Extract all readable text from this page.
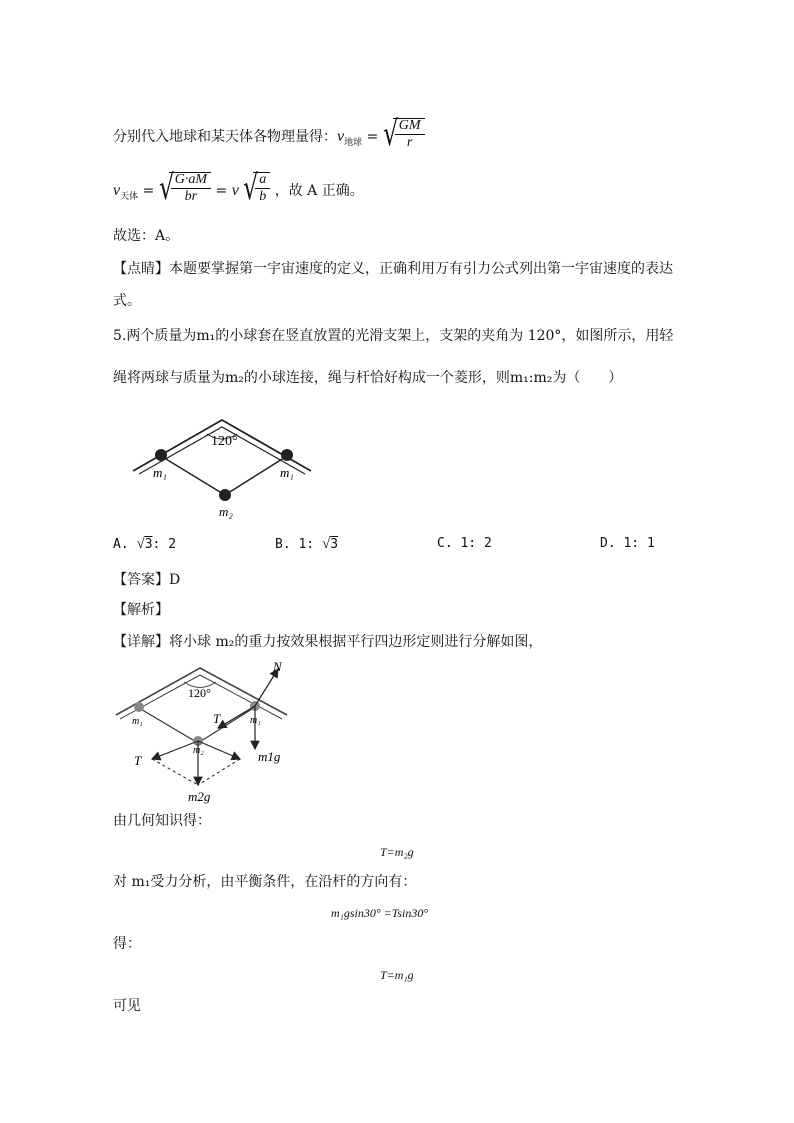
分别代入地球和某天体各物理量得：$v_{地球}$ = √
$\frac{GM}{r}$
$v_{天体}$ = √
$\frac{G\cdot aM}{br} = v$ √
$\frac{a}{b}$ ，故 A 正确。
故选：A。
【点睛】本题要掌握第一宇宙速度的定义，正确利用万有引力公式列出第一宇宙速度的表达
式。
5.两个质量为m₁的小球套在竖直放置的光滑支架上，支架的夹角为 120°，如图所示，用轻
绳将两球与质量为m₂的小球连接，绳与杆恰好构成一个菱形，则m₁:m₂为（　　）
120°
m₁	m₁
m₂
A. √3: 2	B. 1: √3	C. 1: 2	D. 1: 1
【答案】D
【解析】
【详解】将小球 m₂的重力按效果根据平行四边形定则进行分解如图，
120°
N
T
T
m₁	m₁
m₂	m1g
m2g
由几何知识得：
T=m₂g
对 m₁受力分析，由平衡条件，在沿杆的方向有：
m₁gsin30° =Tsin30°
得：
T=m₁g
可见
